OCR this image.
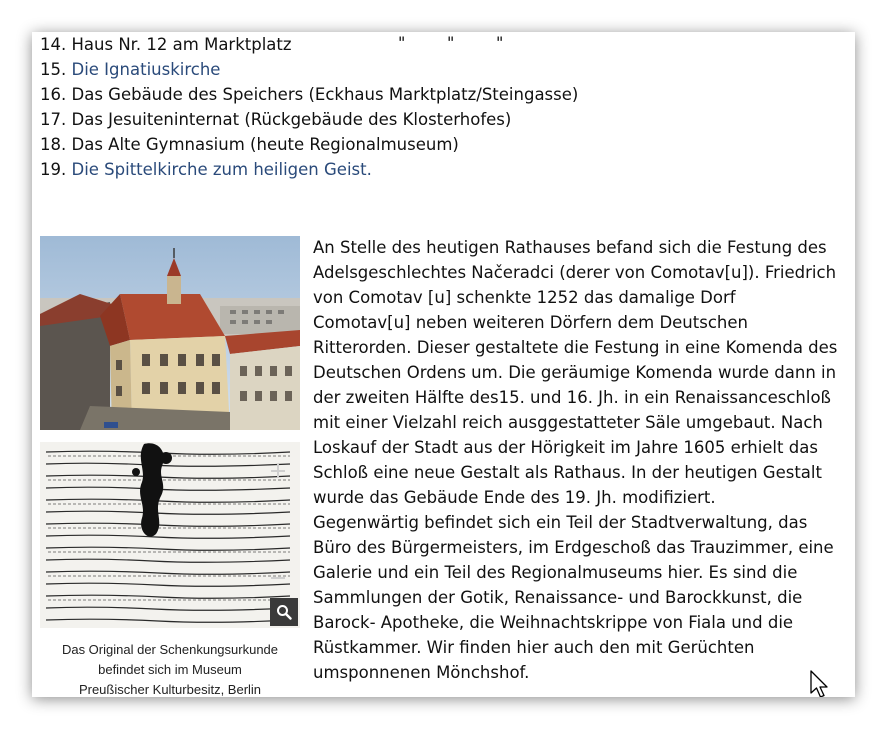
14. Haus Nr. 12 am Marktplatz	"	"	"
15. Die Ignatiuskirche
16. Das Gebäude des Speichers (Eckhaus Marktplatz/Steingasse)
17. Das Jesuiteninternat (Rückgebäude des Klosterhofes)
18. Das Alte Gymnasium (heute Regionalmuseum)
19. Die Spittelkirche zum heiligen Geist.
Das Original der Schenkungsurkunde
befindet sich im Museum
Preußischer Kulturbesitz, Berlin
An Stelle des heutigen Rathauses befand sich die Festung des
Adelsgeschlechtes Načeradci (derer von Comotav[u]). Friedrich
von Comotav [u] schenkte 1252 das damalige Dorf
Comotav[u] neben weiteren Dörfern dem Deutschen
Ritterorden. Dieser gestaltete die Festung in eine Komenda des
Deutschen Ordens um. Die geräumige Komenda wurde dann in
der zweiten Hälfte des15. und 16. Jh. in ein Renaissanceschloß
mit einer Vielzahl reich ausggestatteter Säle umgebaut. Nach
Loskauf der Stadt aus der Hörigkeit im Jahre 1605 erhielt das
Schloß eine neue Gestalt als Rathaus. In der heutigen Gestalt
wurde das Gebäude Ende des 19. Jh. modifiziert.
Gegenwärtig befindet sich ein Teil der Stadtverwaltung, das
Büro des Bürgermeisters, im Erdgeschoß das Trauzimmer, eine
Galerie und ein Teil des Regionalmuseums hier. Es sind die
Sammlungen der Gotik, Renaissance- und Barockkunst, die
Barock- Apotheke, die Weihnachtskrippe von Fiala und die
Rüstkammer. Wir finden hier auch den mit Gerüchten
umsponnenen Mönchshof.
